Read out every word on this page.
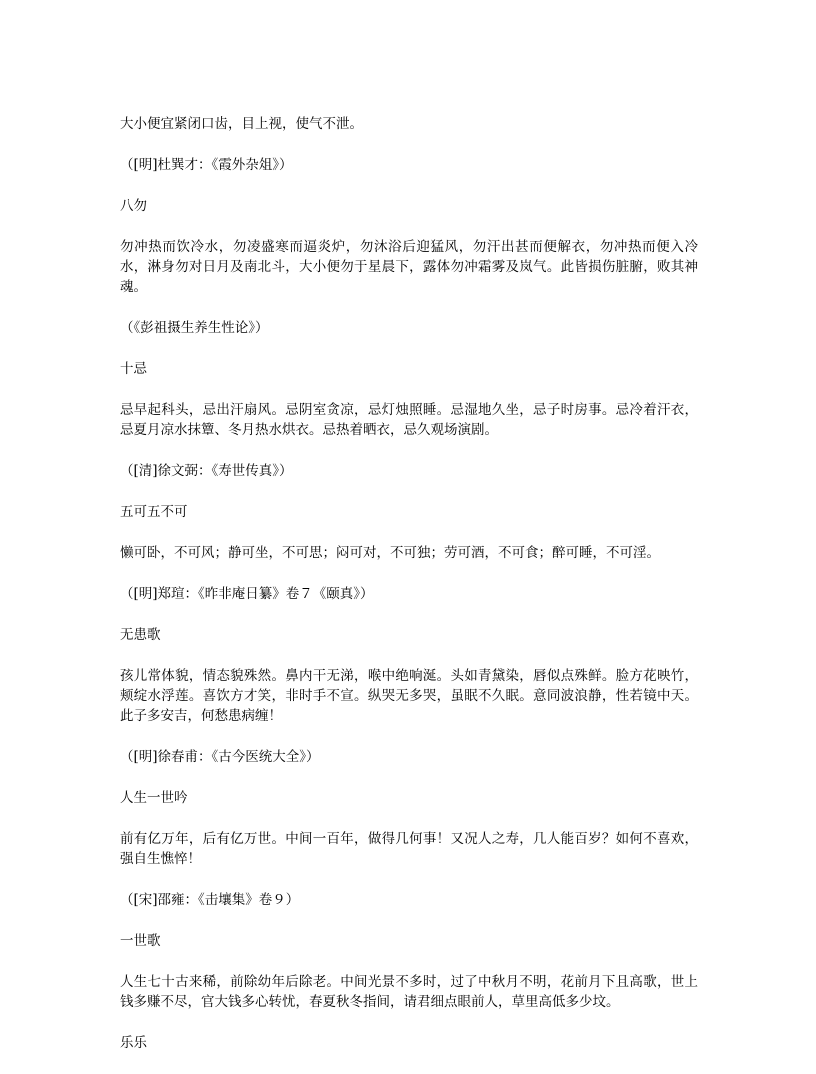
大小便宜紧闭口齿，目上视，使气不泄。

（[明]杜巽才：《霞外杂俎》）

八勿

勿冲热而饮冷水，勿凌盛寒而逼炎炉，勿沐浴后迎猛风，勿汗出甚而便解衣，勿冲热而便入冷水，淋身勿对日月及南北斗，大小便勿于星晨下，露体勿冲霜雾及岚气。此皆损伤脏腑，败其神魂。

（《彭祖摄生养生性论》）

十忌

忌早起科头，忌出汗扇风。忌阴室贪凉，忌灯烛照睡。忌湿地久坐，忌子时房事。忌冷着汗衣，忌夏月凉水抹簟、冬月热水烘衣。忌热着晒衣，忌久观场演剧。

（[清]徐文弼：《寿世传真》）

五可五不可

懒可卧，不可风；静可坐，不可思；闷可对，不可独；劳可酒，不可食；醉可睡，不可淫。

（[明]郑瑄：《昨非庵日纂》卷７《颐真》）

无患歌

孩儿常体貌，情态貌殊然。鼻内干无涕，喉中绝响涎。头如青黛染，唇似点殊鲜。脸方花映竹，颊绽水浮莲。喜饮方才笑，非时手不宣。纵哭无多哭，虽眠不久眠。意同波浪静，性若镜中天。此子多安吉，何愁患病缠！

（[明]徐春甫：《古今医统大全》）

人生一世吟

前有亿万年，后有亿万世。中间一百年，做得几何事！又况人之寿，几人能百岁？如何不喜欢，强自生憔悴！

（[宋]邵雍：《击壤集》卷９）

一世歌

人生七十古来稀，前除幼年后除老。中间光景不多时，过了中秋月不明，花前月下且高歌，世上钱多赚不尽，官大钱多心转忧，春夏秋冬指间，请君细点眼前人，草里高低多少坟。

乐乐
